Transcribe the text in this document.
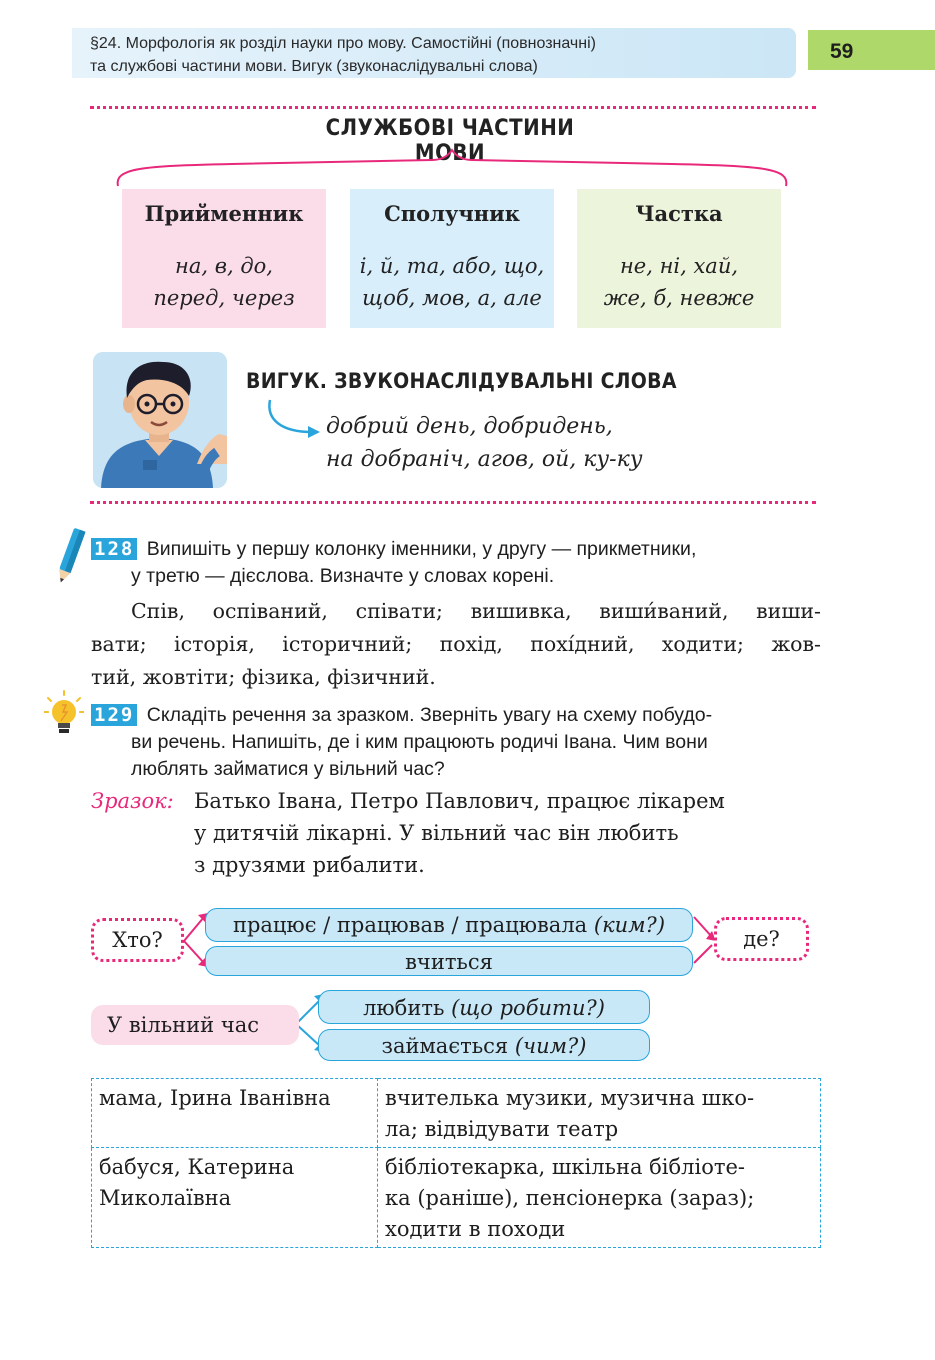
§24. Морфологія як розділ науки про мову. Самостійні (повнозначні)
та службові частини мови. Вигук (звуконаслідувальні слова)
59
СЛУЖБОВІ ЧАСТИНИ МОВИ
Прийменник
на, в, до,
перед, через
Сполучник
і, й, та, або, що,
щоб, мов, а, але
Частка
не, ні, хай,
же, б, невже
ВИГУК. ЗВУКОНАСЛІДУВАЛЬНІ СЛОВА
добрий день, добридень,
на добраніч, агов, ой, ку-ку
128 Випишіть у першу колонку іменники, у другу — прикметники,
у третю — дієслова. Визначте у словах корені.
Спів, оспіваний, співати; вишивка, виши́ваний, виши-
вати; історія, історичний; похід, похі́дний, ходити; жов-
тий, жовтіти; фізика, фізичний.
129 Складіть речення за зразком. Зверніть увагу на схему побудо-
ви речень. Напишіть, де і ким працюють родичі Івана. Чим вони
люблять займатися у вільний час?
Зразок: Батько Івана, Петро Павлович, працює лікарем
у дитячій лікарні. У вільний час він любить
з друзями рибалити.
Хто?
працює / працював / працювала (ким?)
вчиться
де?
У вільний час
любить (що робити?)
займається (чим?)
мама, Ірина Іванівна	вчителька музики, музична шко-
ла; відвідувати театр

бабуся, Катерина Миколаївна	бібліотекарка, шкільна бібліоте-
ка (раніше), пенсіонерка (зараз);
ходити в походи
